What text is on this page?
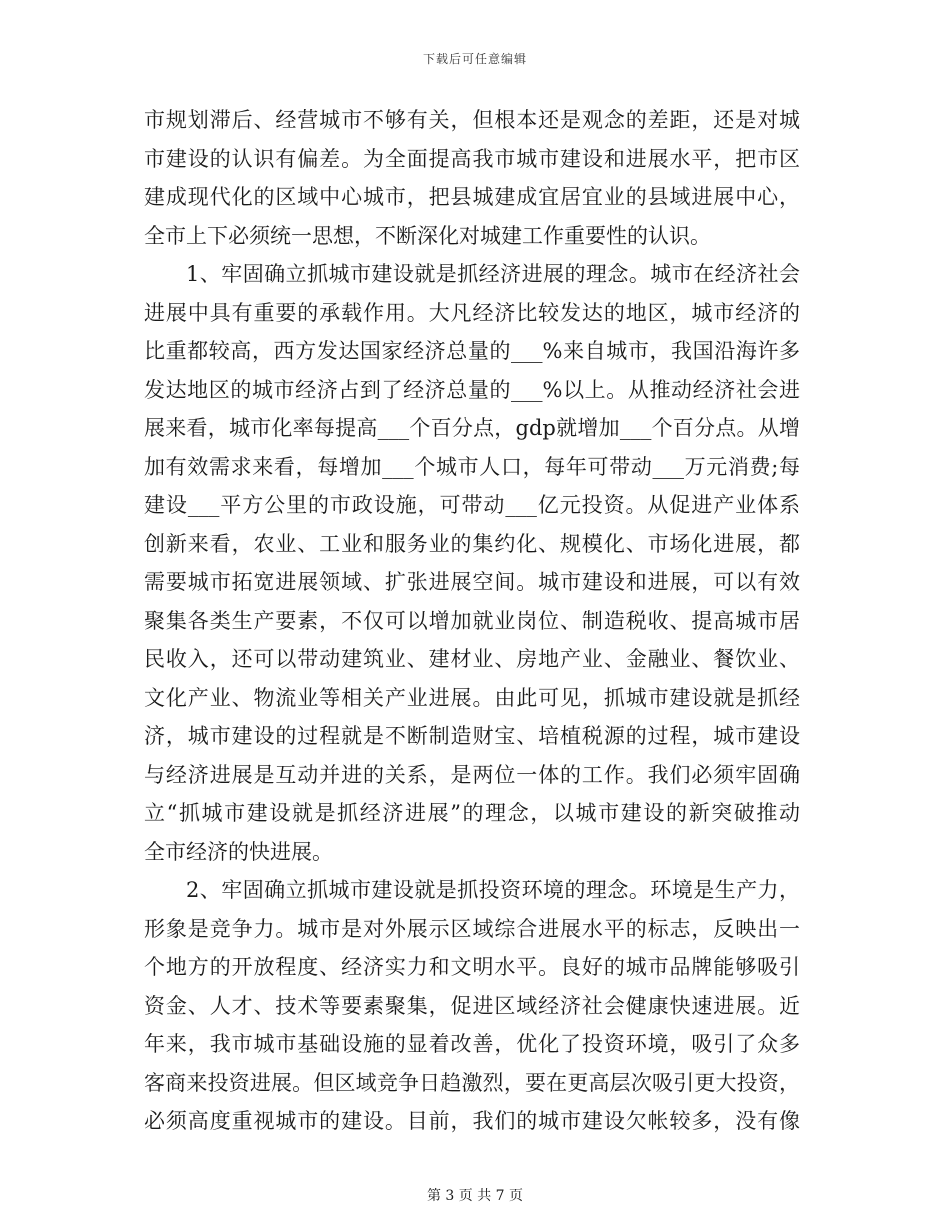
下载后可任意编辑
市规划滞后、经营城市不够有关，但根本还是观念的差距，还是对城
市建设的认识有偏差。为全面提高我市城市建设和进展水平，把市区
建成现代化的区域中心城市，把县城建成宜居宜业的县域进展中心，
全市上下必须统一思想，不断深化对城建工作重要性的认识。
1、牢固确立抓城市建设就是抓经济进展的理念。城市在经济社会
进展中具有重要的承载作用。大凡经济比较发达的地区，城市经济的
比重都较高，西方发达国家经济总量的___%来自城市，我国沿海许多
发达地区的城市经济占到了经济总量的___%以上。从推动经济社会进
展来看，城市化率每提高___个百分点，gdp就增加___个百分点。从增
加有效需求来看，每增加___个城市人口，每年可带动___万元消费;每
建设___平方公里的市政设施，可带动___亿元投资。从促进产业体系
创新来看，农业、工业和服务业的集约化、规模化、市场化进展，都
需要城市拓宽进展领域、扩张进展空间。城市建设和进展，可以有效
聚集各类生产要素，不仅可以增加就业岗位、制造税收、提高城市居
民收入，还可以带动建筑业、建材业、房地产业、金融业、餐饮业、
文化产业、物流业等相关产业进展。由此可见，抓城市建设就是抓经
济，城市建设的过程就是不断制造财宝、培植税源的过程，城市建设
与经济进展是互动并进的关系，是两位一体的工作。我们必须牢固确
立“抓城市建设就是抓经济进展”的理念，以城市建设的新突破推动
全市经济的快进展。
2、牢固确立抓城市建设就是抓投资环境的理念。环境是生产力，
形象是竞争力。城市是对外展示区域综合进展水平的标志，反映出一
个地方的开放程度、经济实力和文明水平。良好的城市品牌能够吸引
资金、人才、技术等要素聚集，促进区域经济社会健康快速进展。近
年来，我市城市基础设施的显着改善，优化了投资环境，吸引了众多
客商来投资进展。但区域竞争日趋激烈，要在更高层次吸引更大投资，
必须高度重视城市的建设。目前，我们的城市建设欠帐较多，没有像
第 3 页 共 7 页
